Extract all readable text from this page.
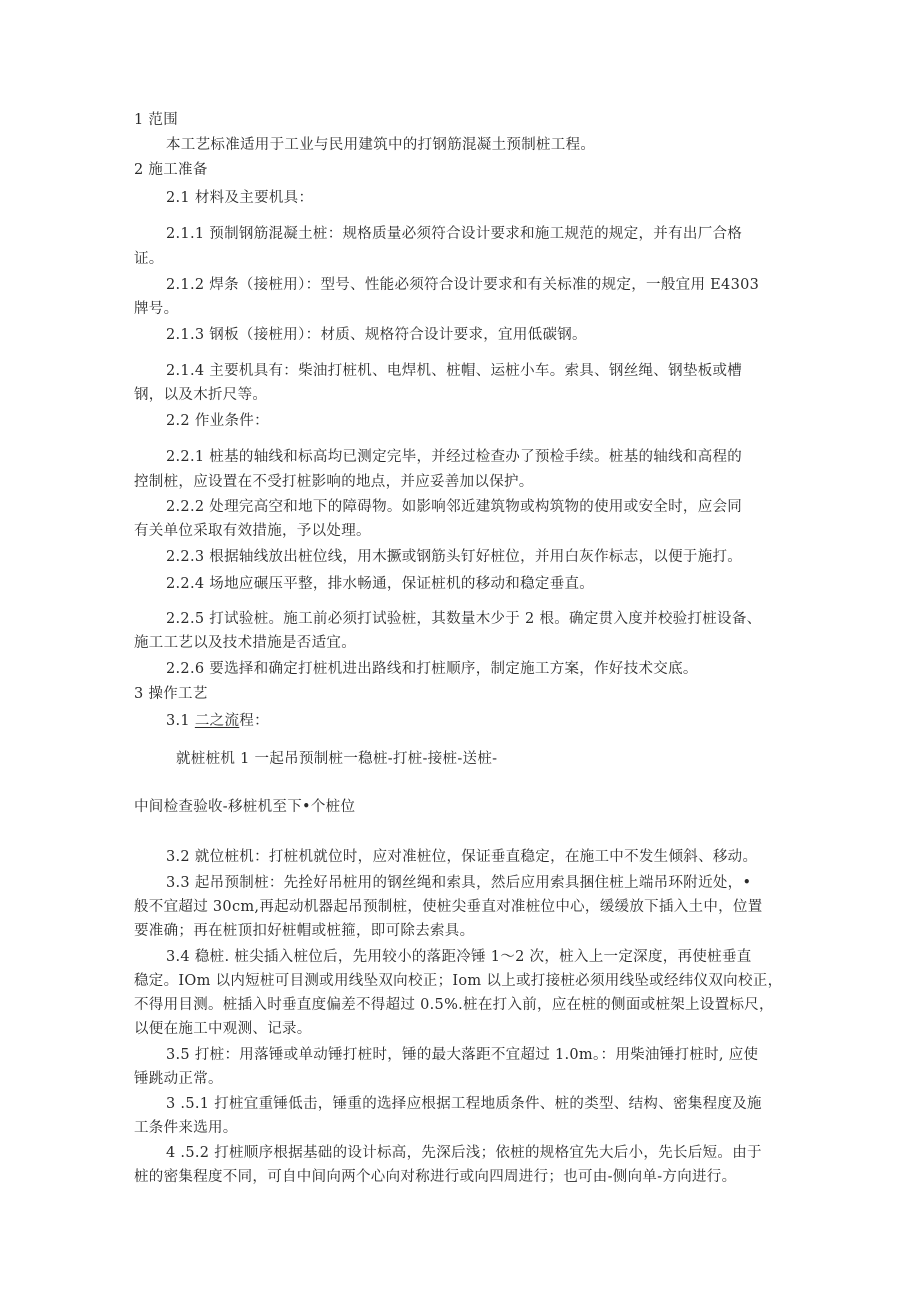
1 范围

本工艺标准适用于工业与民用建筑中的打钢筋混凝土预制桩工程。

2 施工准备

2.1 材料及主要机具：

2.1.1 预制钢筋混凝土桩：规格质量必须符合设计要求和施工规范的规定，并有出厂合格

证。

2.1.2 焊条（接桩用）：型号、性能必须符合设计要求和有关标准的规定，一般宜用 E4303

牌号。

2.1.3 钢板（接桩用）：材质、规格符合设计要求，宜用低碳钢。

2.1.4 主要机具有：柴油打桩机、电焊机、桩帽、运桩小车。索具、钢丝绳、钢垫板或槽

钢，以及木折尺等。

2.2 作业条件：

2.2.1 桩基的轴线和标高均已测定完毕，并经过检查办了预检手续。桩基的轴线和高程的

控制桩，应设置在不受打桩影响的地点，并应妥善加以保护。

2.2.2 处理完高空和地下的障碍物。如影响邻近建筑物或构筑物的使用或安全时，应会同

有关单位采取有效措施，予以处理。

2.2.3 根据轴线放出桩位线，用木撅或钢筋头钉好桩位，并用白灰作标志，以便于施打。

2.2.4 场地应碾压平整，排水畅通，保证桩机的移动和稳定垂直。

2.2.5 打试验桩。施工前必须打试验桩，其数量木少于 2 根。确定贯入度并校验打桩设备、

施工工艺以及技术措施是否适宜。

2.2.6 要选择和确定打桩机进出路线和打桩顺序，制定施工方案，作好技术交底。

3 操作工艺

3.1 二之流程：

就桩桩机 1 一起吊预制桩一稳桩-打桩-接桩-送桩-

中间检查验收-移桩机至下•个桩位

3.2 就位桩机：打桩机就位时，应对准桩位，保证垂直稳定，在施工中不发生倾斜、移动。

3.3 起吊预制桩：先拴好吊桩用的钢丝绳和索具，然后应用索具捆住桩上端吊环附近处，•

般不宜超过 30cm,再起动机器起吊预制桩，使桩尖垂直对准桩位中心，缓缓放下插入土中，位置

要准确；再在桩顶扣好桩帽或桩箍，即可除去索具。

3.4 稳桩. 桩尖插入桩位后，先用较小的落距冷锤 1～2 次，桩入上一定深度，再使桩垂直

稳定。IOm 以内短桩可目测或用线坠双向校正；Iom 以上或打接桩必须用线坠或经纬仪双向校正，

不得用目测。桩插入时垂直度偏差不得超过 0.5%.桩在打入前，应在桩的侧面或桩架上设置标尺，

以便在施工中观测、记录。

3.5 打桩：用落锤或单动锤打桩时，锤的最大落距不宜超过 1.0m。：用柴油锤打桩时, 应使

锤跳动正常。

3 .5.1 打桩宜重锤低击，锤重的选择应根据工程地质条件、桩的类型、结构、密集程度及施

工条件来选用。

4 .5.2 打桩顺序根据基础的设计标高，先深后浅；依桩的规格宜先大后小，先长后短。由于

桩的密集程度不同，可自中间向两个心向对称进行或向四周进行；也可由-侧向单-方向进行。
